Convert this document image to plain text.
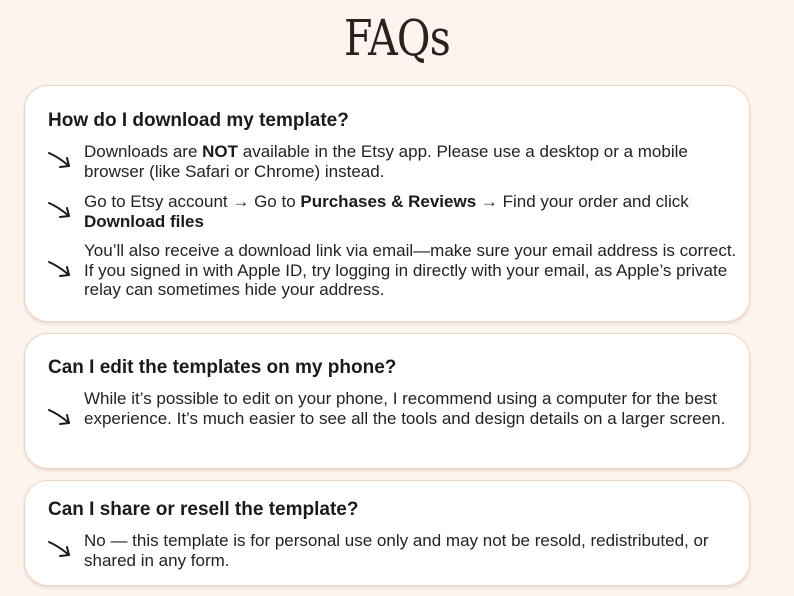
FAQs
How do I download my template?

Downloads are NOT available in the Etsy app. Please use a desktop or a mobile browser (like Safari or Chrome) instead.

Go to Etsy account → Go to Purchases & Reviews → Find your order and click
Download files

You’ll also receive a download link via email—make sure your email address is correct. If you signed in with Apple ID, try logging in directly with your email, as Apple’s private relay can sometimes hide your address.

Can I edit the templates on my phone?

While it’s possible to edit on your phone, I recommend using a computer for the best experience. It’s much easier to see all the tools and design details on a larger screen.

Can I share or resell the template?

No — this template is for personal use only and may not be resold, redistributed, or shared in any form.
